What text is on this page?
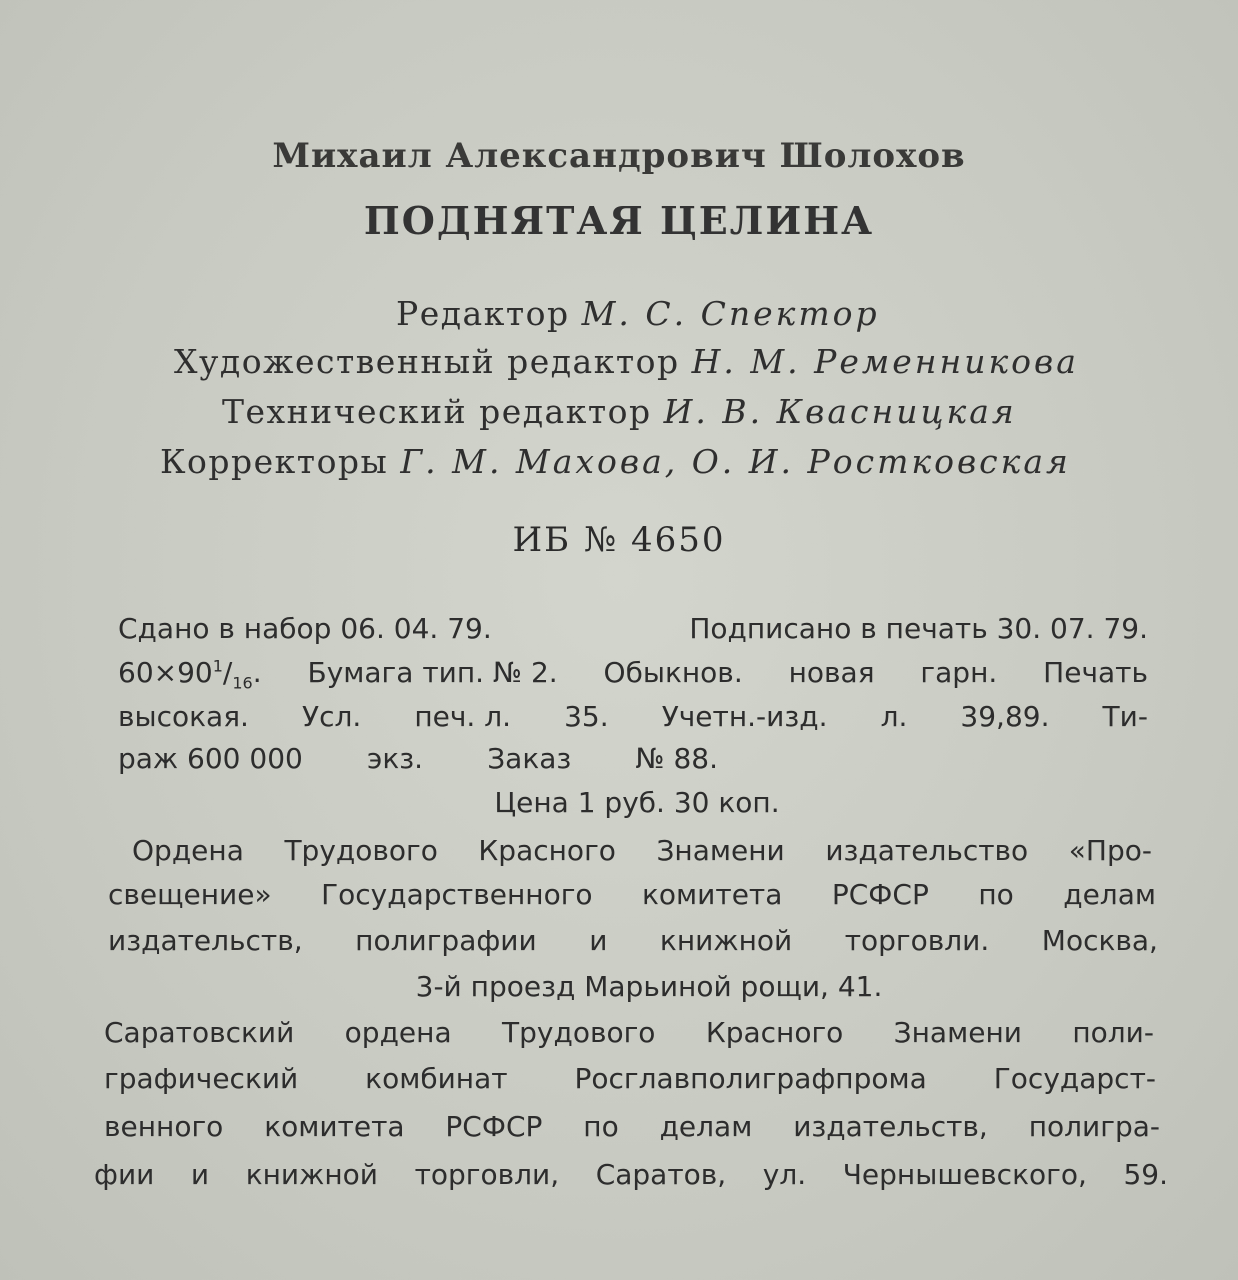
Михаил Александрович Шолохов
ПОДНЯТАЯ ЦЕЛИНА
Редактор М. С. Спектор
Художественный редактор Н. М. Ременникова
Технический редактор И. В. Квасницкая
Корректоры Г. М. Махова, О. И. Ростковская
ИБ № 4650
Сдано в набор 06. 04. 79.	Подписано в печать 30. 07. 79.
$60\times 90^1/_{16}$. Бумага тип. № 2. Обыкнов. новая гарн. Печать
высокая. Усл. печ. л. 35. Учетн.-изд. л. 39,89. Ти-
раж 600 000 экз. Заказ № 88.
Цена 1 руб. 30 коп.
Ордена Трудового Красного Знамени издательство «Про-
свещение» Государственного комитета РСФСР по делам
издательств, полиграфии и книжной торговли. Москва,
3-й проезд Марьиной рощи, 41.
Саратовский ордена Трудового Красного Знамени поли-
графический комбинат Росглавполиграфпрома Государст-
венного комитета РСФСР по делам издательств, полигра-
фии и книжной торговли, Саратов, ул. Чернышевского, 59.
